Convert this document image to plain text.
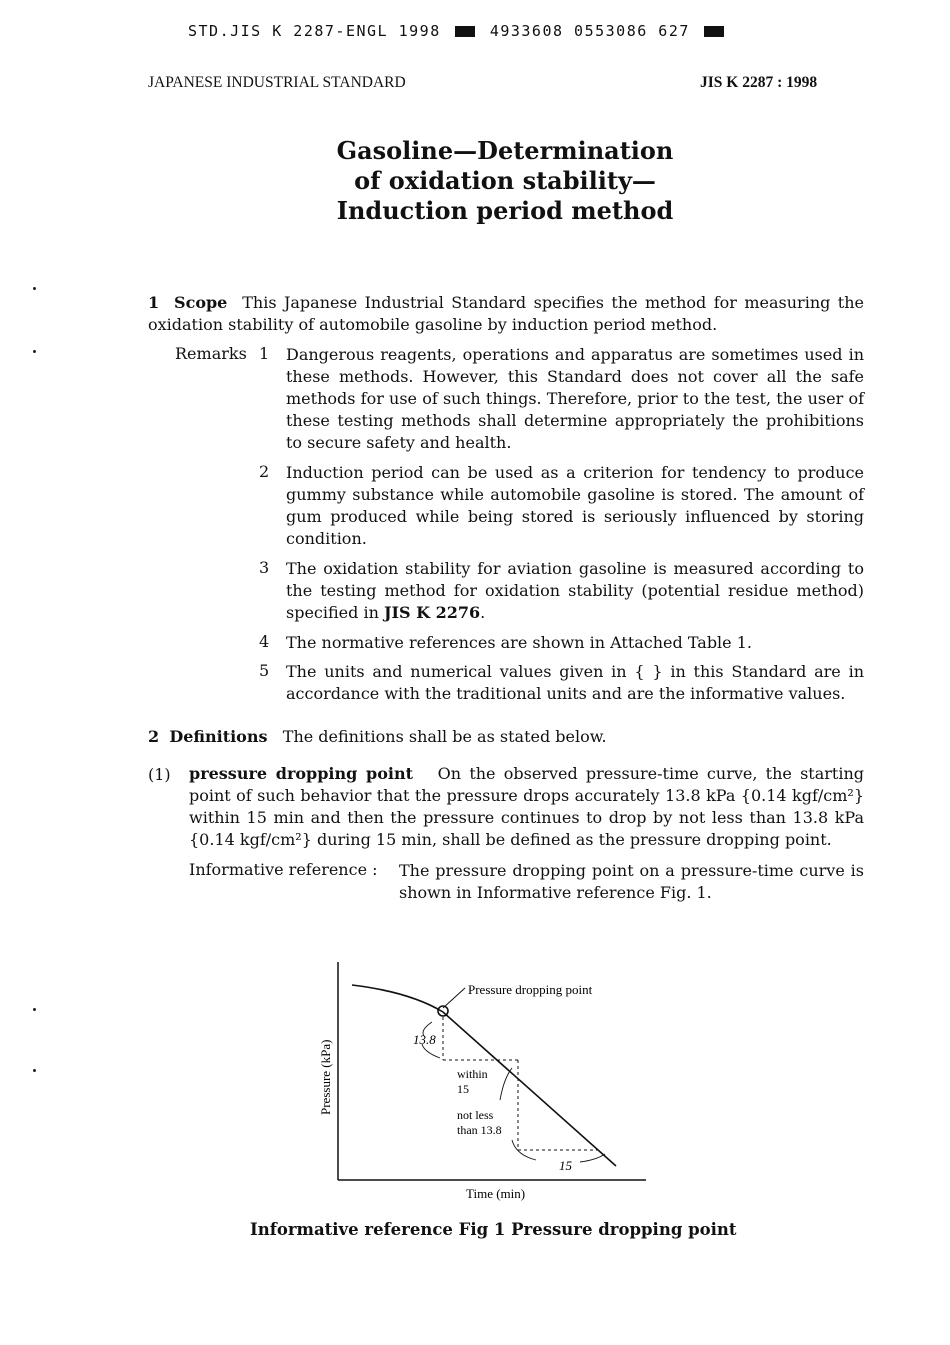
STD.JIS K 2287-ENGL 1998	4933608 0553086 627
JAPANESE INDUSTRIAL STANDARD	JIS K 2287 : 1998
Gasoline—Determination
of oxidation stability—
Induction period method
1 Scope This Japanese Industrial Standard specifies the method for measuring the oxidation stability of automobile gasoline by induction period method.
Remarks 1 Dangerous reagents, operations and apparatus are sometimes used in these methods. However, this Standard does not cover all the safe methods for use of such things. Therefore, prior to the test, the user of these testing methods shall determine appropriately the prohibitions to secure safety and health.
2 Induction period can be used as a criterion for tendency to produce gummy substance while automobile gasoline is stored. The amount of gum produced while being stored is seriously influenced by storing condition.
3 The oxidation stability for aviation gasoline is measured according to the testing method for oxidation stability (potential residue method) specified in JIS K 2276.
4 The normative references are shown in Attached Table 1.
5 The units and numerical values given in { } in this Standard are in accordance with the traditional units and are the informative values.
2 Definitions The definitions shall be as stated below.
(1) pressure dropping point On the observed pressure-time curve, the starting point of such behavior that the pressure drops accurately 13.8 kPa {0.14 kgf/cm²} within 15 min and then the pressure continues to drop by not less than 13.8 kPa {0.14 kgf/cm²} during 15 min, shall be defined as the pressure dropping point.
Informative reference : The pressure dropping point on a pressure-time curve is shown in Informative reference Fig. 1.
Pressure dropping point
13.8
within
15
not less
than 13.8
15
Time (min)
Pressure (kPa)
Informative reference Fig 1 Pressure dropping point
